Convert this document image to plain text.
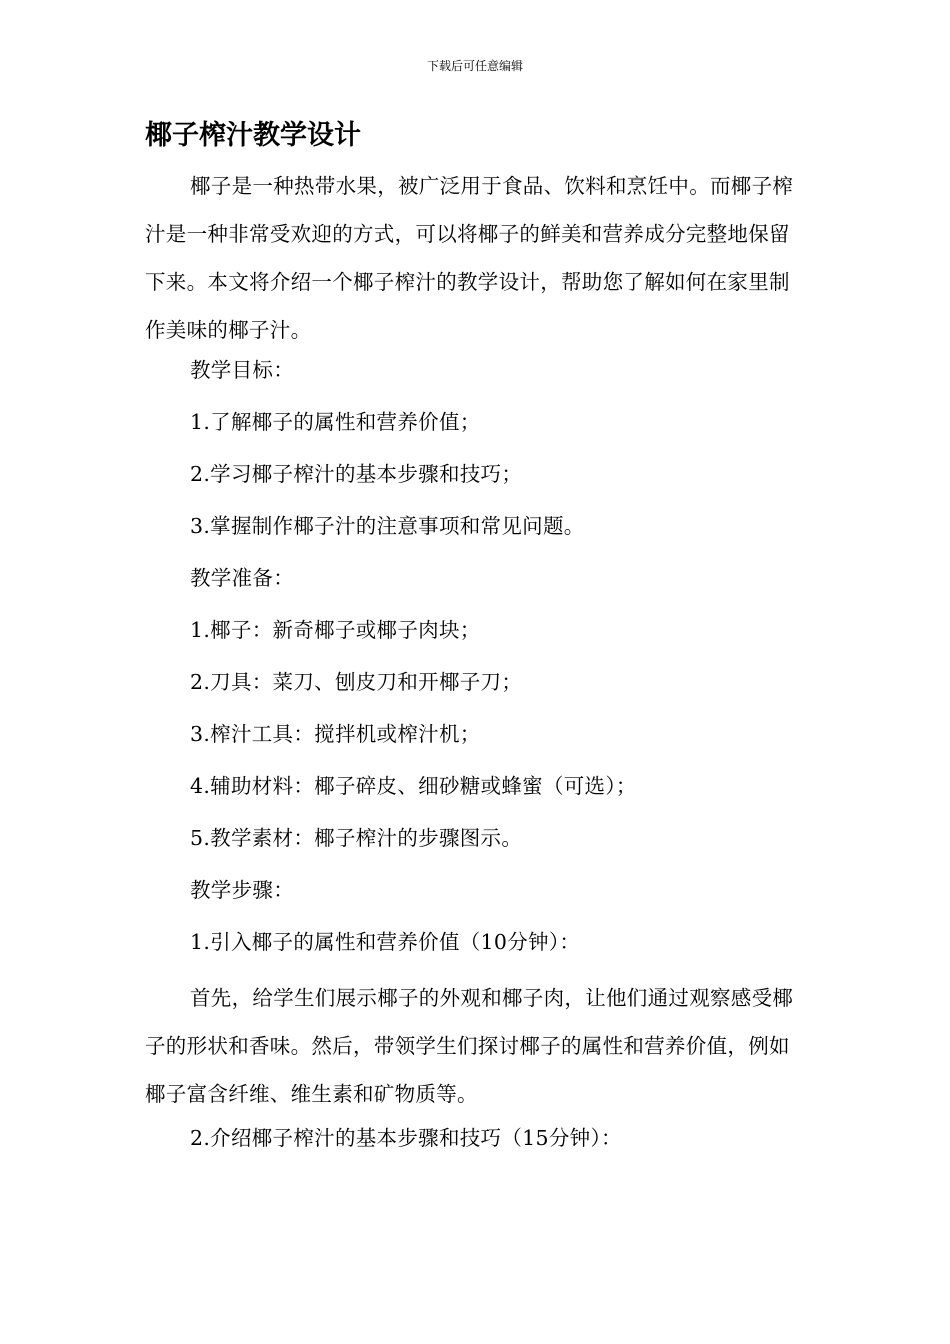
下载后可任意编辑
椰子榨汁教学设计

椰子是一种热带水果，被广泛用于食品、饮料和烹饪中。而椰子榨汁是一种非常受欢迎的方式，可以将椰子的鲜美和营养成分完整地保留下来。本文将介绍一个椰子榨汁的教学设计，帮助您了解如何在家里制作美味的椰子汁。

教学目标：

1.了解椰子的属性和营养价值；

2.学习椰子榨汁的基本步骤和技巧；

3.掌握制作椰子汁的注意事项和常见问题。

教学准备：

1.椰子：新奇椰子或椰子肉块；

2.刀具：菜刀、刨皮刀和开椰子刀；

3.榨汁工具：搅拌机或榨汁机；

4.辅助材料：椰子碎皮、细砂糖或蜂蜜（可选）；

5.教学素材：椰子榨汁的步骤图示。

教学步骤：

1.引入椰子的属性和营养价值（10分钟）：

首先，给学生们展示椰子的外观和椰子肉，让他们通过观察感受椰子的形状和香味。然后，带领学生们探讨椰子的属性和营养价值，例如椰子富含纤维、维生素和矿物质等。

2.介绍椰子榨汁的基本步骤和技巧（15分钟）：
